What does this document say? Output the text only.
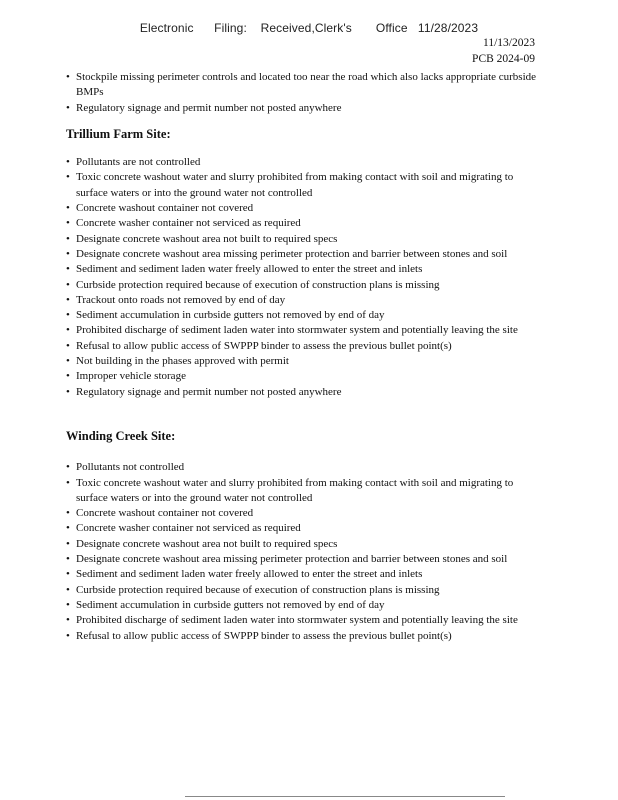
Electronic      Filing:    Received,Clerk's       Office   11/28/2023
11/13/2023
PCB 2024-09
• Stockpile missing perimeter controls and located too near the road which also lacks appropriate curbside BMPs
• Regulatory signage and permit number not posted anywhere

Trillium Farm Site:

• Pollutants are not controlled
• Toxic concrete washout water and slurry prohibited from making contact with soil and migrating to surface waters or into the ground water not controlled
• Concrete washout container not covered
• Concrete washer container not serviced as required
• Designate concrete washout area not built to required specs
• Designate concrete washout area missing perimeter protection and barrier between stones and soil
• Sediment and sediment laden water freely allowed to enter the street and inlets
• Curbside protection required because of execution of construction plans is missing
• Trackout onto roads not removed by end of day
• Sediment accumulation in curbside gutters not removed by end of day
• Prohibited discharge of sediment laden water into stormwater system and potentially leaving the site
• Refusal to allow public access of SWPPP binder to assess the previous bullet point(s)
• Not building in the phases approved with permit
• Improper vehicle storage
• Regulatory signage and permit number not posted anywhere

Winding Creek Site:

• Pollutants not controlled
• Toxic concrete washout water and slurry prohibited from making contact with soil and migrating to surface waters or into the ground water not controlled
• Concrete washout container not covered
• Concrete washer container not serviced as required
• Designate concrete washout area not built to required specs
• Designate concrete washout area missing perimeter protection and barrier between stones and soil
• Sediment and sediment laden water freely allowed to enter the street and inlets
• Curbside protection required because of execution of construction plans is missing
• Sediment accumulation in curbside gutters not removed by end of day
• Prohibited discharge of sediment laden water into stormwater system and potentially leaving the site
• Refusal to allow public access of SWPPP binder to assess the previous bullet point(s)
